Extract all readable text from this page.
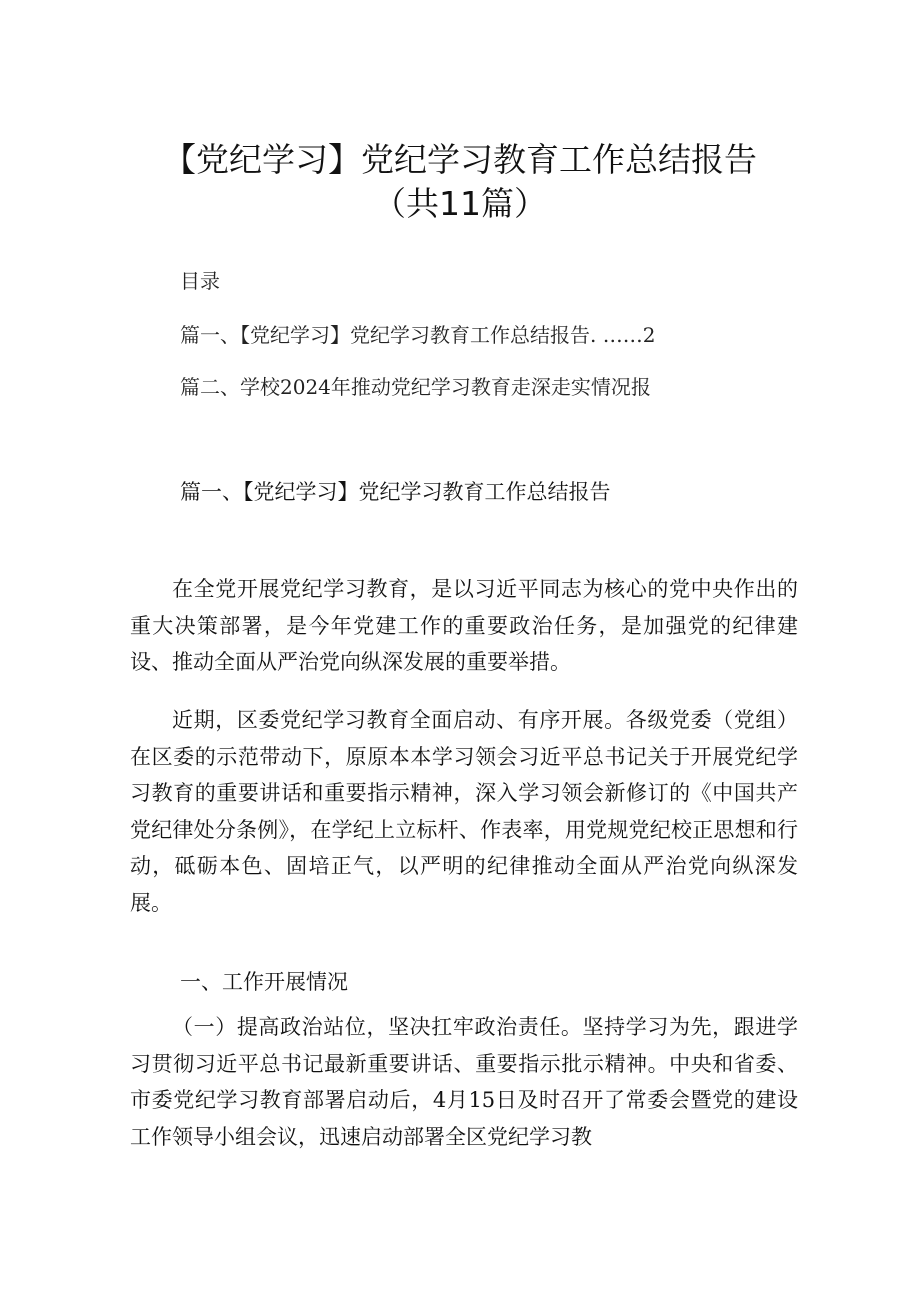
【党纪学习】党纪学习教育工作总结报告
（共11篇）
目录
篇一、【党纪学习】党纪学习教育工作总结报告. ……2
篇二、学校2024年推动党纪学习教育走深走实情况报
篇一、【党纪学习】党纪学习教育工作总结报告

在全党开展党纪学习教育，是以习近平同志为核心的党中央作出的重大决策部署，是今年党建工作的重要政治任务，是加强党的纪律建设、推动全面从严治党向纵深发展的重要举措。

近期，区委党纪学习教育全面启动、有序开展。各级党委（党组）在区委的示范带动下，原原本本学习领会习近平总书记关于开展党纪学习教育的重要讲话和重要指示精神，深入学习领会新修订的《中国共产党纪律处分条例》，在学纪上立标杆、作表率，用党规党纪校正思想和行动，砥砺本色、固培正气，以严明的纪律推动全面从严治党向纵深发展。

一、工作开展情况

（一）提高政治站位，坚决扛牢政治责任。坚持学习为先，跟进学习贯彻习近平总书记最新重要讲话、重要指示批示精神。中央和省委、市委党纪学习教育部署启动后，4月15日及时召开了常委会暨党的建设工作领导小组会议，迅速启动部署全区党纪学习教
